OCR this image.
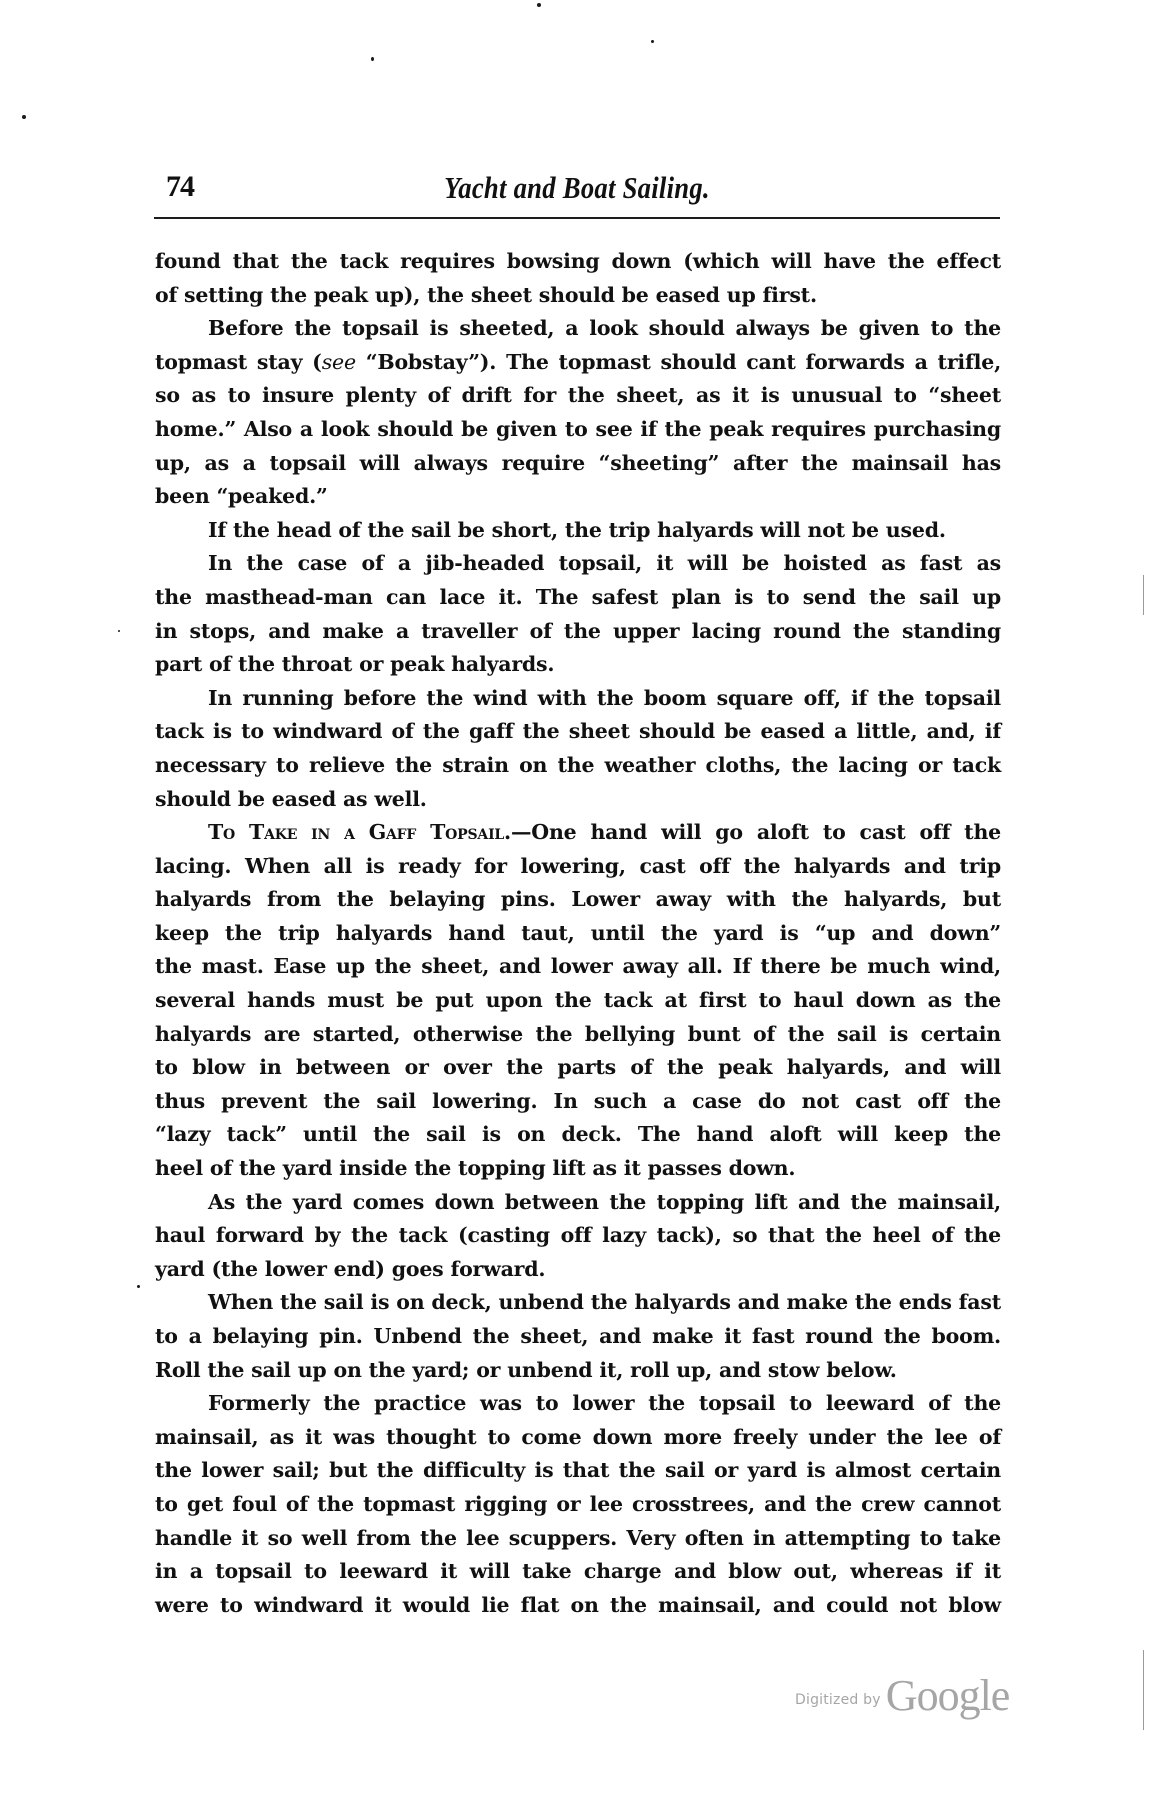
74	Yacht and Boat Sailing.
found that the tack requires bowsing down (which will have the effect
of setting the peak up), the sheet should be eased up first.
Before the topsail is sheeted, a look should always be given to the
topmast stay (see “Bobstay”). The topmast should cant forwards a trifle,
so as to insure plenty of drift for the sheet, as it is unusual to “sheet
home.” Also a look should be given to see if the peak requires purchasing
up, as a topsail will always require “sheeting” after the mainsail has
been “peaked.”
If the head of the sail be short, the trip halyards will not be used.
In the case of a jib-headed topsail, it will be hoisted as fast as
the masthead-man can lace it. The safest plan is to send the sail up
in stops, and make a traveller of the upper lacing round the standing
part of the throat or peak halyards.
In running before the wind with the boom square off, if the topsail
tack is to windward of the gaff the sheet should be eased a little, and, if
necessary to relieve the strain on the weather cloths, the lacing or tack
should be eased as well.
To Take in a Gaff Topsail.—One hand will go aloft to cast off the
lacing. When all is ready for lowering, cast off the halyards and trip
halyards from the belaying pins. Lower away with the halyards, but
keep the trip halyards hand taut, until the yard is “up and down”
the mast. Ease up the sheet, and lower away all. If there be much wind,
several hands must be put upon the tack at first to haul down as the
halyards are started, otherwise the bellying bunt of the sail is certain
to blow in between or over the parts of the peak halyards, and will
thus prevent the sail lowering. In such a case do not cast off the
“lazy tack” until the sail is on deck. The hand aloft will keep the
heel of the yard inside the topping lift as it passes down.
As the yard comes down between the topping lift and the mainsail,
haul forward by the tack (casting off lazy tack), so that the heel of the
yard (the lower end) goes forward.
When the sail is on deck, unbend the halyards and make the ends fast
to a belaying pin. Unbend the sheet, and make it fast round the boom.
Roll the sail up on the yard; or unbend it, roll up, and stow below.
Formerly the practice was to lower the topsail to leeward of the
mainsail, as it was thought to come down more freely under the lee of
the lower sail; but the difficulty is that the sail or yard is almost certain
to get foul of the topmast rigging or lee crosstrees, and the crew cannot
handle it so well from the lee scuppers. Very often in attempting to take
in a topsail to leeward it will take charge and blow out, whereas if it
were to windward it would lie flat on the mainsail, and could not blow
Digitized by Google
